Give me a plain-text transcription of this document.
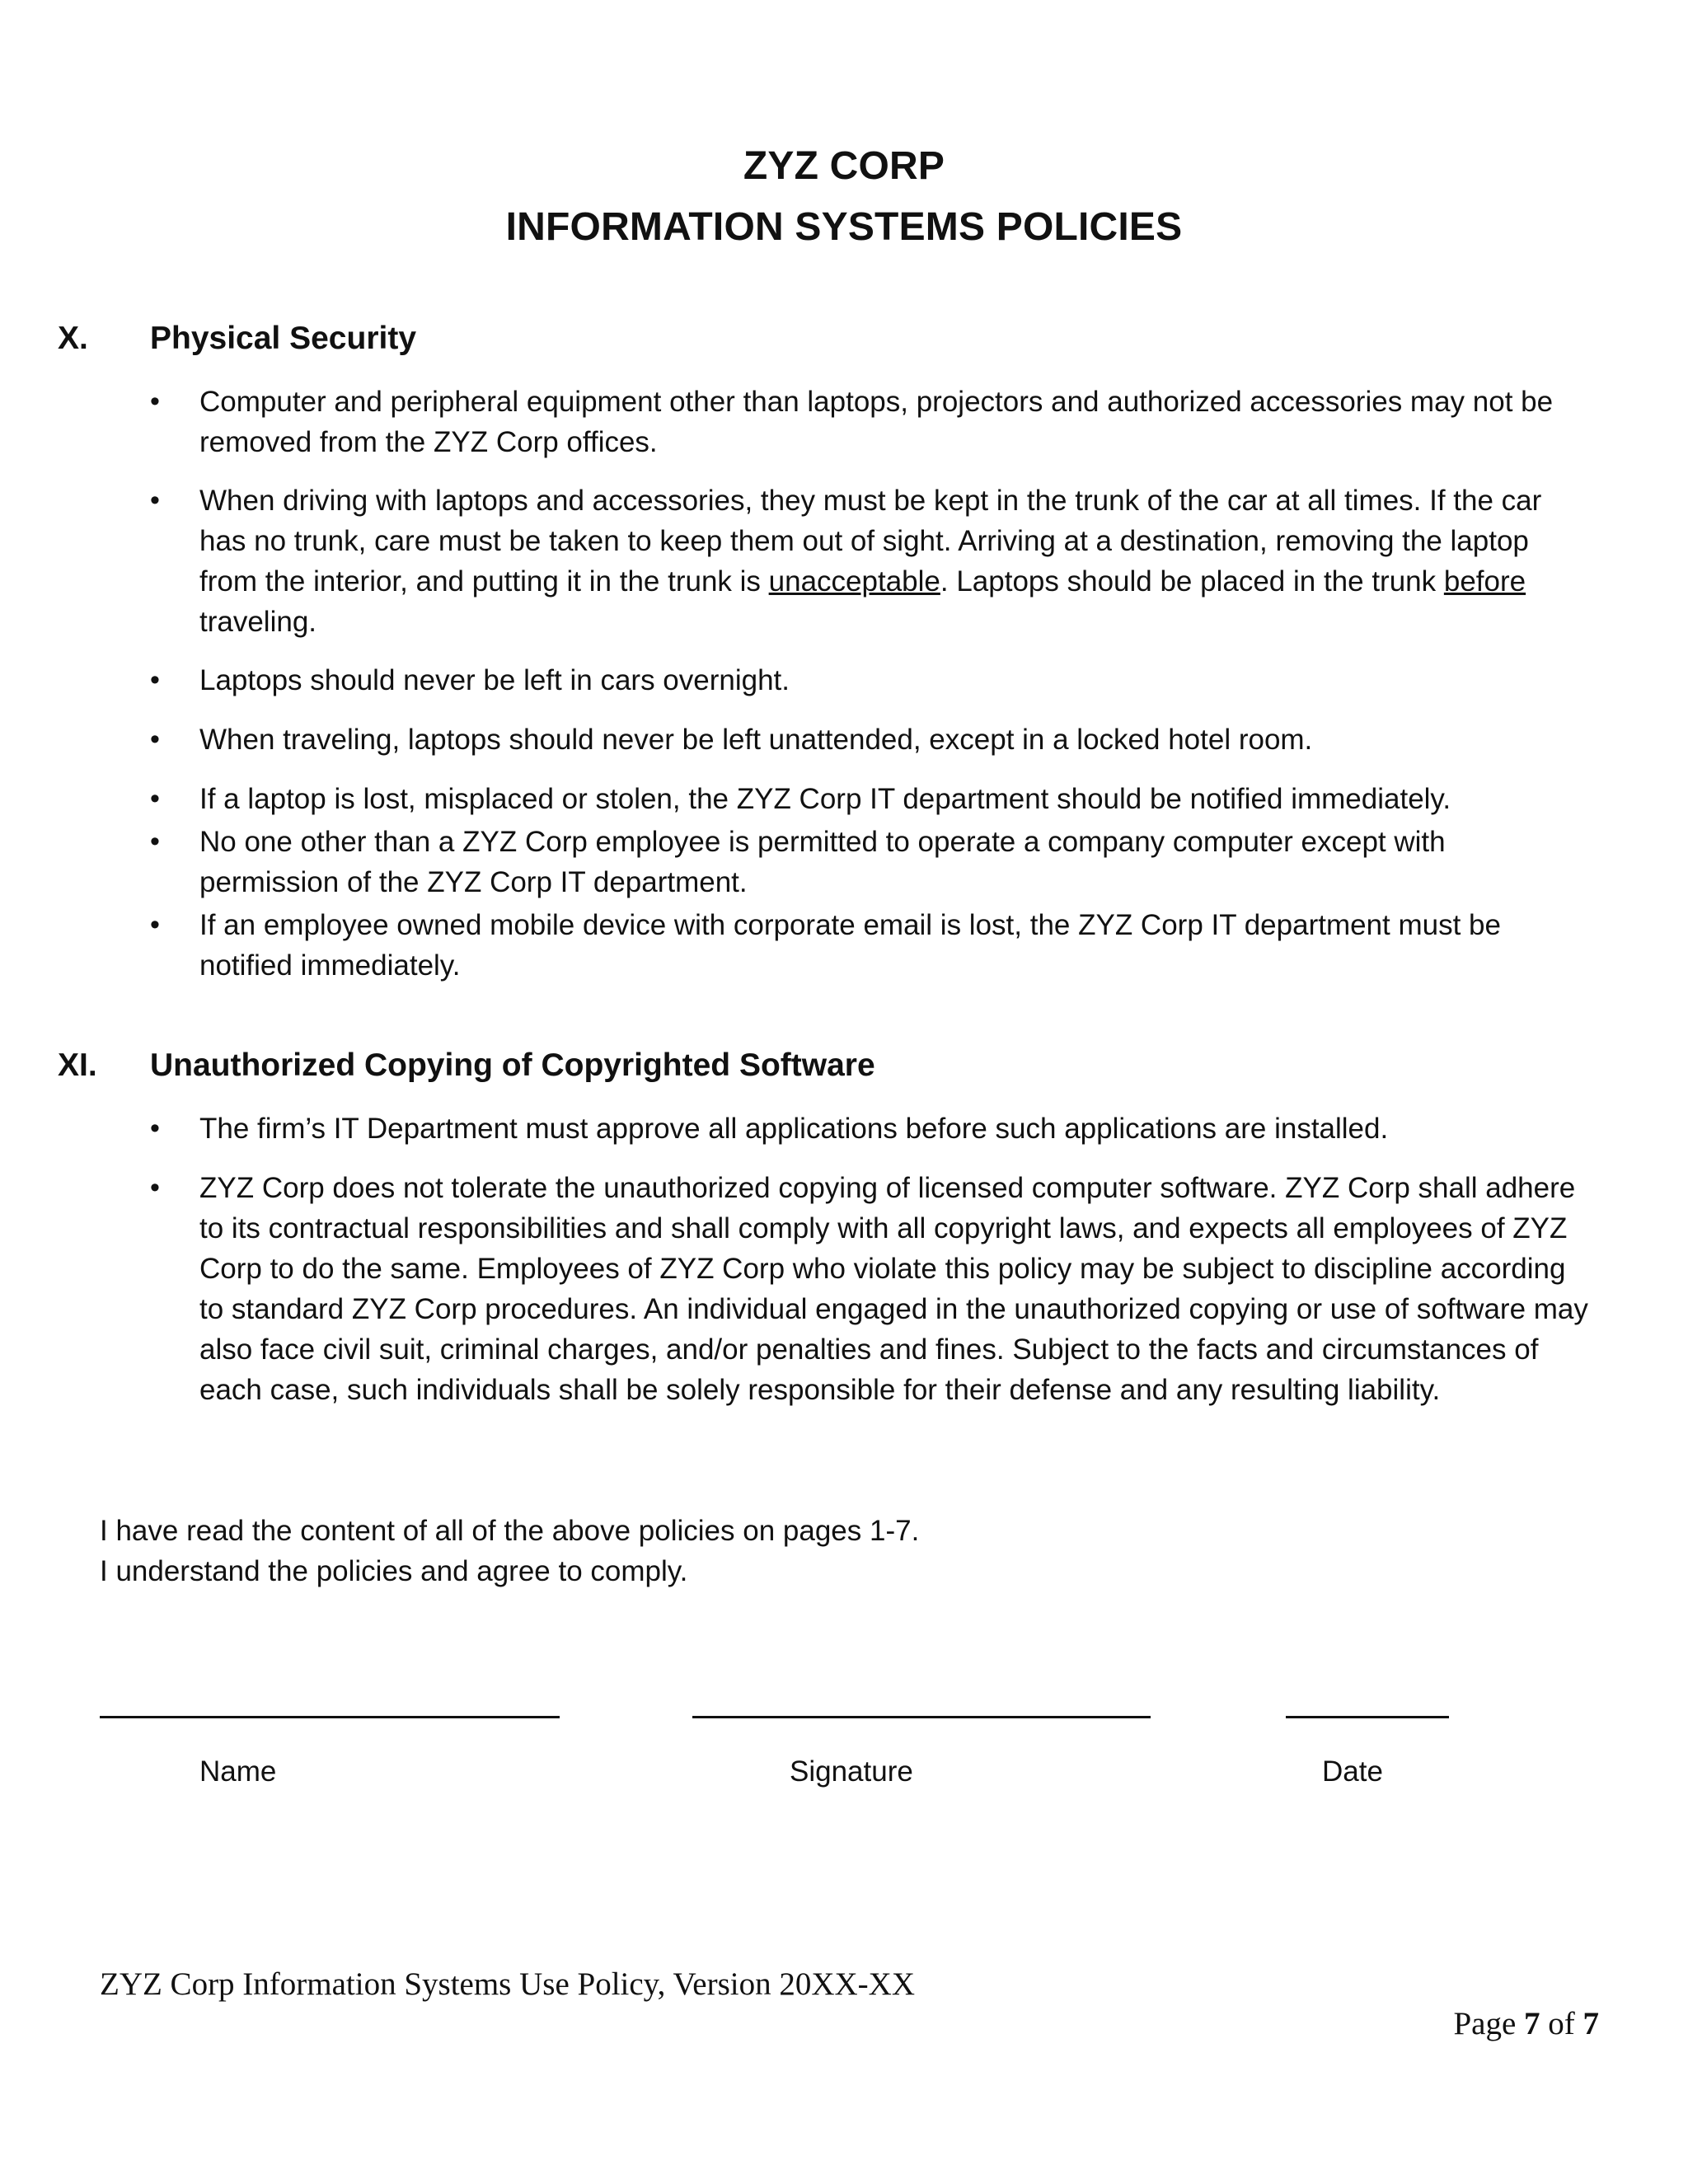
ZYZ CORP
INFORMATION SYSTEMS POLICIES
X. Physical Security
• Computer and peripheral equipment other than laptops, projectors and authorized accessories may not be removed from the ZYZ Corp offices.
• When driving with laptops and accessories, they must be kept in the trunk of the car at all times. If the car has no trunk, care must be taken to keep them out of sight. Arriving at a destination, removing the laptop from the interior, and putting it in the trunk is unacceptable. Laptops should be placed in the trunk before traveling.
• Laptops should never be left in cars overnight.
• When traveling, laptops should never be left unattended, except in a locked hotel room.
• If a laptop is lost, misplaced or stolen, the ZYZ Corp IT department should be notified immediately.
• No one other than a ZYZ Corp employee is permitted to operate a company computer except with permission of the ZYZ Corp IT department.
• If an employee owned mobile device with corporate email is lost, the ZYZ Corp IT department must be notified immediately.
XI. Unauthorized Copying of Copyrighted Software
• The firm’s IT Department must approve all applications before such applications are installed.
• ZYZ Corp does not tolerate the unauthorized copying of licensed computer software. ZYZ Corp shall adhere to its contractual responsibilities and shall comply with all copyright laws, and expects all employees of ZYZ Corp to do the same. Employees of ZYZ Corp who violate this policy may be subject to discipline according to standard ZYZ Corp procedures. An individual engaged in the unauthorized copying or use of software may also face civil suit, criminal charges, and/or penalties and fines. Subject to the facts and circumstances of each case, such individuals shall be solely responsible for their defense and any resulting liability.
I have read the content of all of the above policies on pages 1-7.
I understand the policies and agree to comply.
Name	Signature	Date
ZYZ Corp Information Systems Use Policy, Version 20XX-XX
Page 7 of 7
